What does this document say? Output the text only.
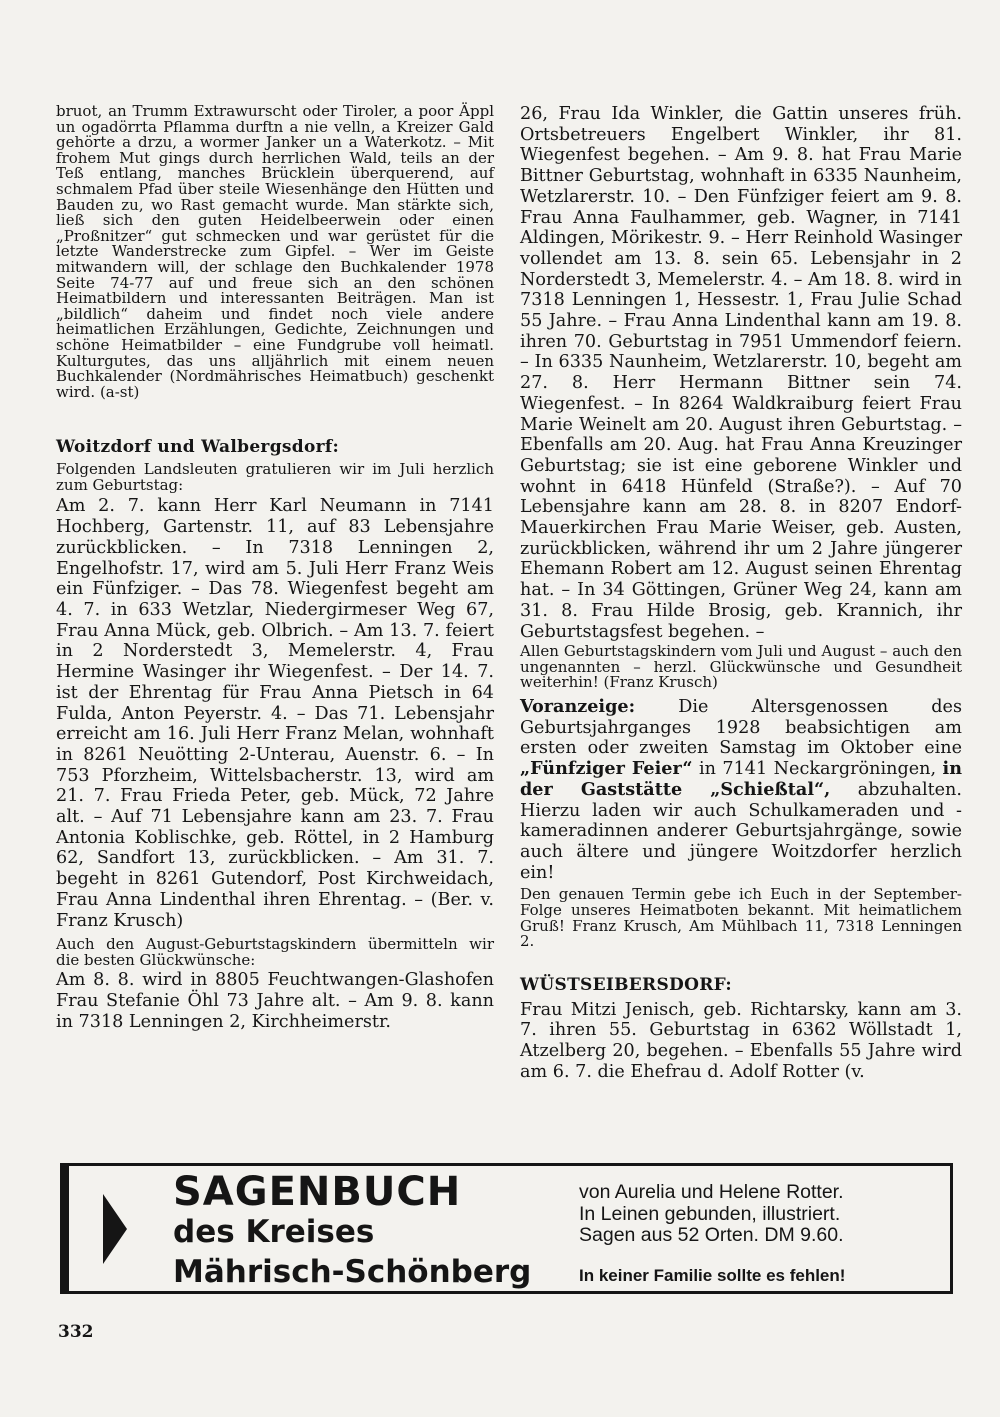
bruot, an Trumm Extrawurscht oder Tiroler, a poor Äppl un ogadörrta Pflamma durftn a nie velln, a Kreizer Gald gehörte a drzu, a wormer Janker un a Waterkotz. – Mit frohem Mut gings durch herrlichen Wald, teils an der Teß entlang, manches Brücklein überquerend, auf schmalem Pfad über steile Wiesenhänge den Hütten und Bauden zu, wo Rast gemacht wurde. Man stärkte sich, ließ sich den guten Heidelbeerwein oder einen „Proßnitzer“ gut schmecken und war gerüstet für die letzte Wanderstrecke zum Gipfel. – Wer im Geiste mitwandern will, der schlage den Buchkalender 1978 Seite 74-77 auf und freue sich an den schönen Heimatbildern und interessanten Beiträgen. Man ist „bildlich“ daheim und findet noch viele andere heimatlichen Erzählungen, Gedichte, Zeichnungen und schöne Heimatbilder – eine Fundgrube voll heimatl. Kulturgutes, das uns alljährlich mit einem neuen Buchkalender (Nordmährisches Heimatbuch) geschenkt wird. (a-st)

Woitzdorf und Walbergsdorf:

Folgenden Landsleuten gratulieren wir im Juli herzlich zum Geburtstag:

Am 2. 7. kann Herr Karl Neumann in 7141 Hochberg, Gartenstr. 11, auf 83 Lebensjahre zurückblicken. – In 7318 Lenningen 2, Engelhofstr. 17, wird am 5. Juli Herr Franz Weis ein Fünfziger. – Das 78. Wiegenfest begeht am 4. 7. in 633 Wetzlar, Niedergirmeser Weg 67, Frau Anna Mück, geb. Olbrich. – Am 13. 7. feiert in 2 Norderstedt 3, Memelerstr. 4, Frau Hermine Wasinger ihr Wiegenfest. – Der 14. 7. ist der Ehrentag für Frau Anna Pietsch in 64 Fulda, Anton Peyerstr. 4. – Das 71. Lebensjahr erreicht am 16. Juli Herr Franz Melan, wohnhaft in 8261 Neuötting 2-Unterau, Auenstr. 6. – In 753 Pforzheim, Wittelsbacherstr. 13, wird am 21. 7. Frau Frieda Peter, geb. Mück, 72 Jahre alt. – Auf 71 Lebensjahre kann am 23. 7. Frau Antonia Koblischke, geb. Röttel, in 2 Hamburg 62, Sandfort 13, zurückblicken. – Am 31. 7. begeht in 8261 Gutendorf, Post Kirchweidach, Frau Anna Lindenthal ihren Ehrentag. – (Ber. v. Franz Krusch)

Auch den August-Geburtstagskindern übermitteln wir die besten Glückwünsche:

Am 8. 8. wird in 8805 Feuchtwangen-Glashofen Frau Stefanie Öhl 73 Jahre alt. – Am 9. 8. kann in 7318 Lenningen 2, Kirchheimerstr.

26, Frau Ida Winkler, die Gattin unseres früh. Ortsbetreuers Engelbert Winkler, ihr 81. Wiegenfest begehen. – Am 9. 8. hat Frau Marie Bittner Geburtstag, wohnhaft in 6335 Naunheim, Wetzlarerstr. 10. – Den Fünfziger feiert am 9. 8. Frau Anna Faulhammer, geb. Wagner, in 7141 Aldingen, Mörikestr. 9. – Herr Reinhold Wasinger vollendet am 13. 8. sein 65. Lebensjahr in 2 Norderstedt 3, Memelerstr. 4. – Am 18. 8. wird in 7318 Lenningen 1, Hessestr. 1, Frau Julie Schad 55 Jahre. – Frau Anna Lindenthal kann am 19. 8. ihren 70. Geburtstag in 7951 Ummendorf feiern. – In 6335 Naunheim, Wetzlarerstr. 10, begeht am 27. 8. Herr Hermann Bittner sein 74. Wiegenfest. – In 8264 Waldkraiburg feiert Frau Marie Weinelt am 20. August ihren Geburtstag. – Ebenfalls am 20. Aug. hat Frau Anna Kreuzinger Geburtstag; sie ist eine geborene Winkler und wohnt in 6418 Hünfeld (Straße?). – Auf 70 Lebensjahre kann am 28. 8. in 8207 Endorf-Mauerkirchen Frau Marie Weiser, geb. Austen, zurückblicken, während ihr um 2 Jahre jüngerer Ehemann Robert am 12. August seinen Ehrentag hat. – In 34 Göttingen, Grüner Weg 24, kann am 31. 8. Frau Hilde Brosig, geb. Krannich, ihr Geburtstagsfest begehen. –

Allen Geburtstagskindern vom Juli und August – auch den ungenannten – herzl. Glückwünsche und Gesundheit weiterhin! (Franz Krusch)

Voranzeige: Die Altersgenossen des Geburtsjahrganges 1928 beabsichtigen am ersten oder zweiten Samstag im Oktober eine „Fünfziger Feier“ in 7141 Neckargröningen, in der Gaststätte „Schießtal“, abzuhalten. Hierzu laden wir auch Schulkameraden und -kameradinnen anderer Geburtsjahrgänge, sowie auch ältere und jüngere Woitzdorfer herzlich ein!

Den genauen Termin gebe ich Euch in der September-Folge unseres Heimatboten bekannt. Mit heimatlichem Gruß! Franz Krusch, Am Mühlbach 11, 7318 Lenningen 2.

WÜSTSEIBERSDORF:

Frau Mitzi Jenisch, geb. Richtarsky, kann am 3. 7. ihren 55. Geburtstag in 6362 Wöllstadt 1, Atzelberg 20, begehen. – Ebenfalls 55 Jahre wird am 6. 7. die Ehefrau d. Adolf Rotter (v.

SAGENBUCH
des Kreises
Mährisch-Schönberg
von Aurelia und Helene Rotter.
In Leinen gebunden, illustriert.
Sagen aus 52 Orten. DM 9.60.
In keiner Familie sollte es fehlen!
332
